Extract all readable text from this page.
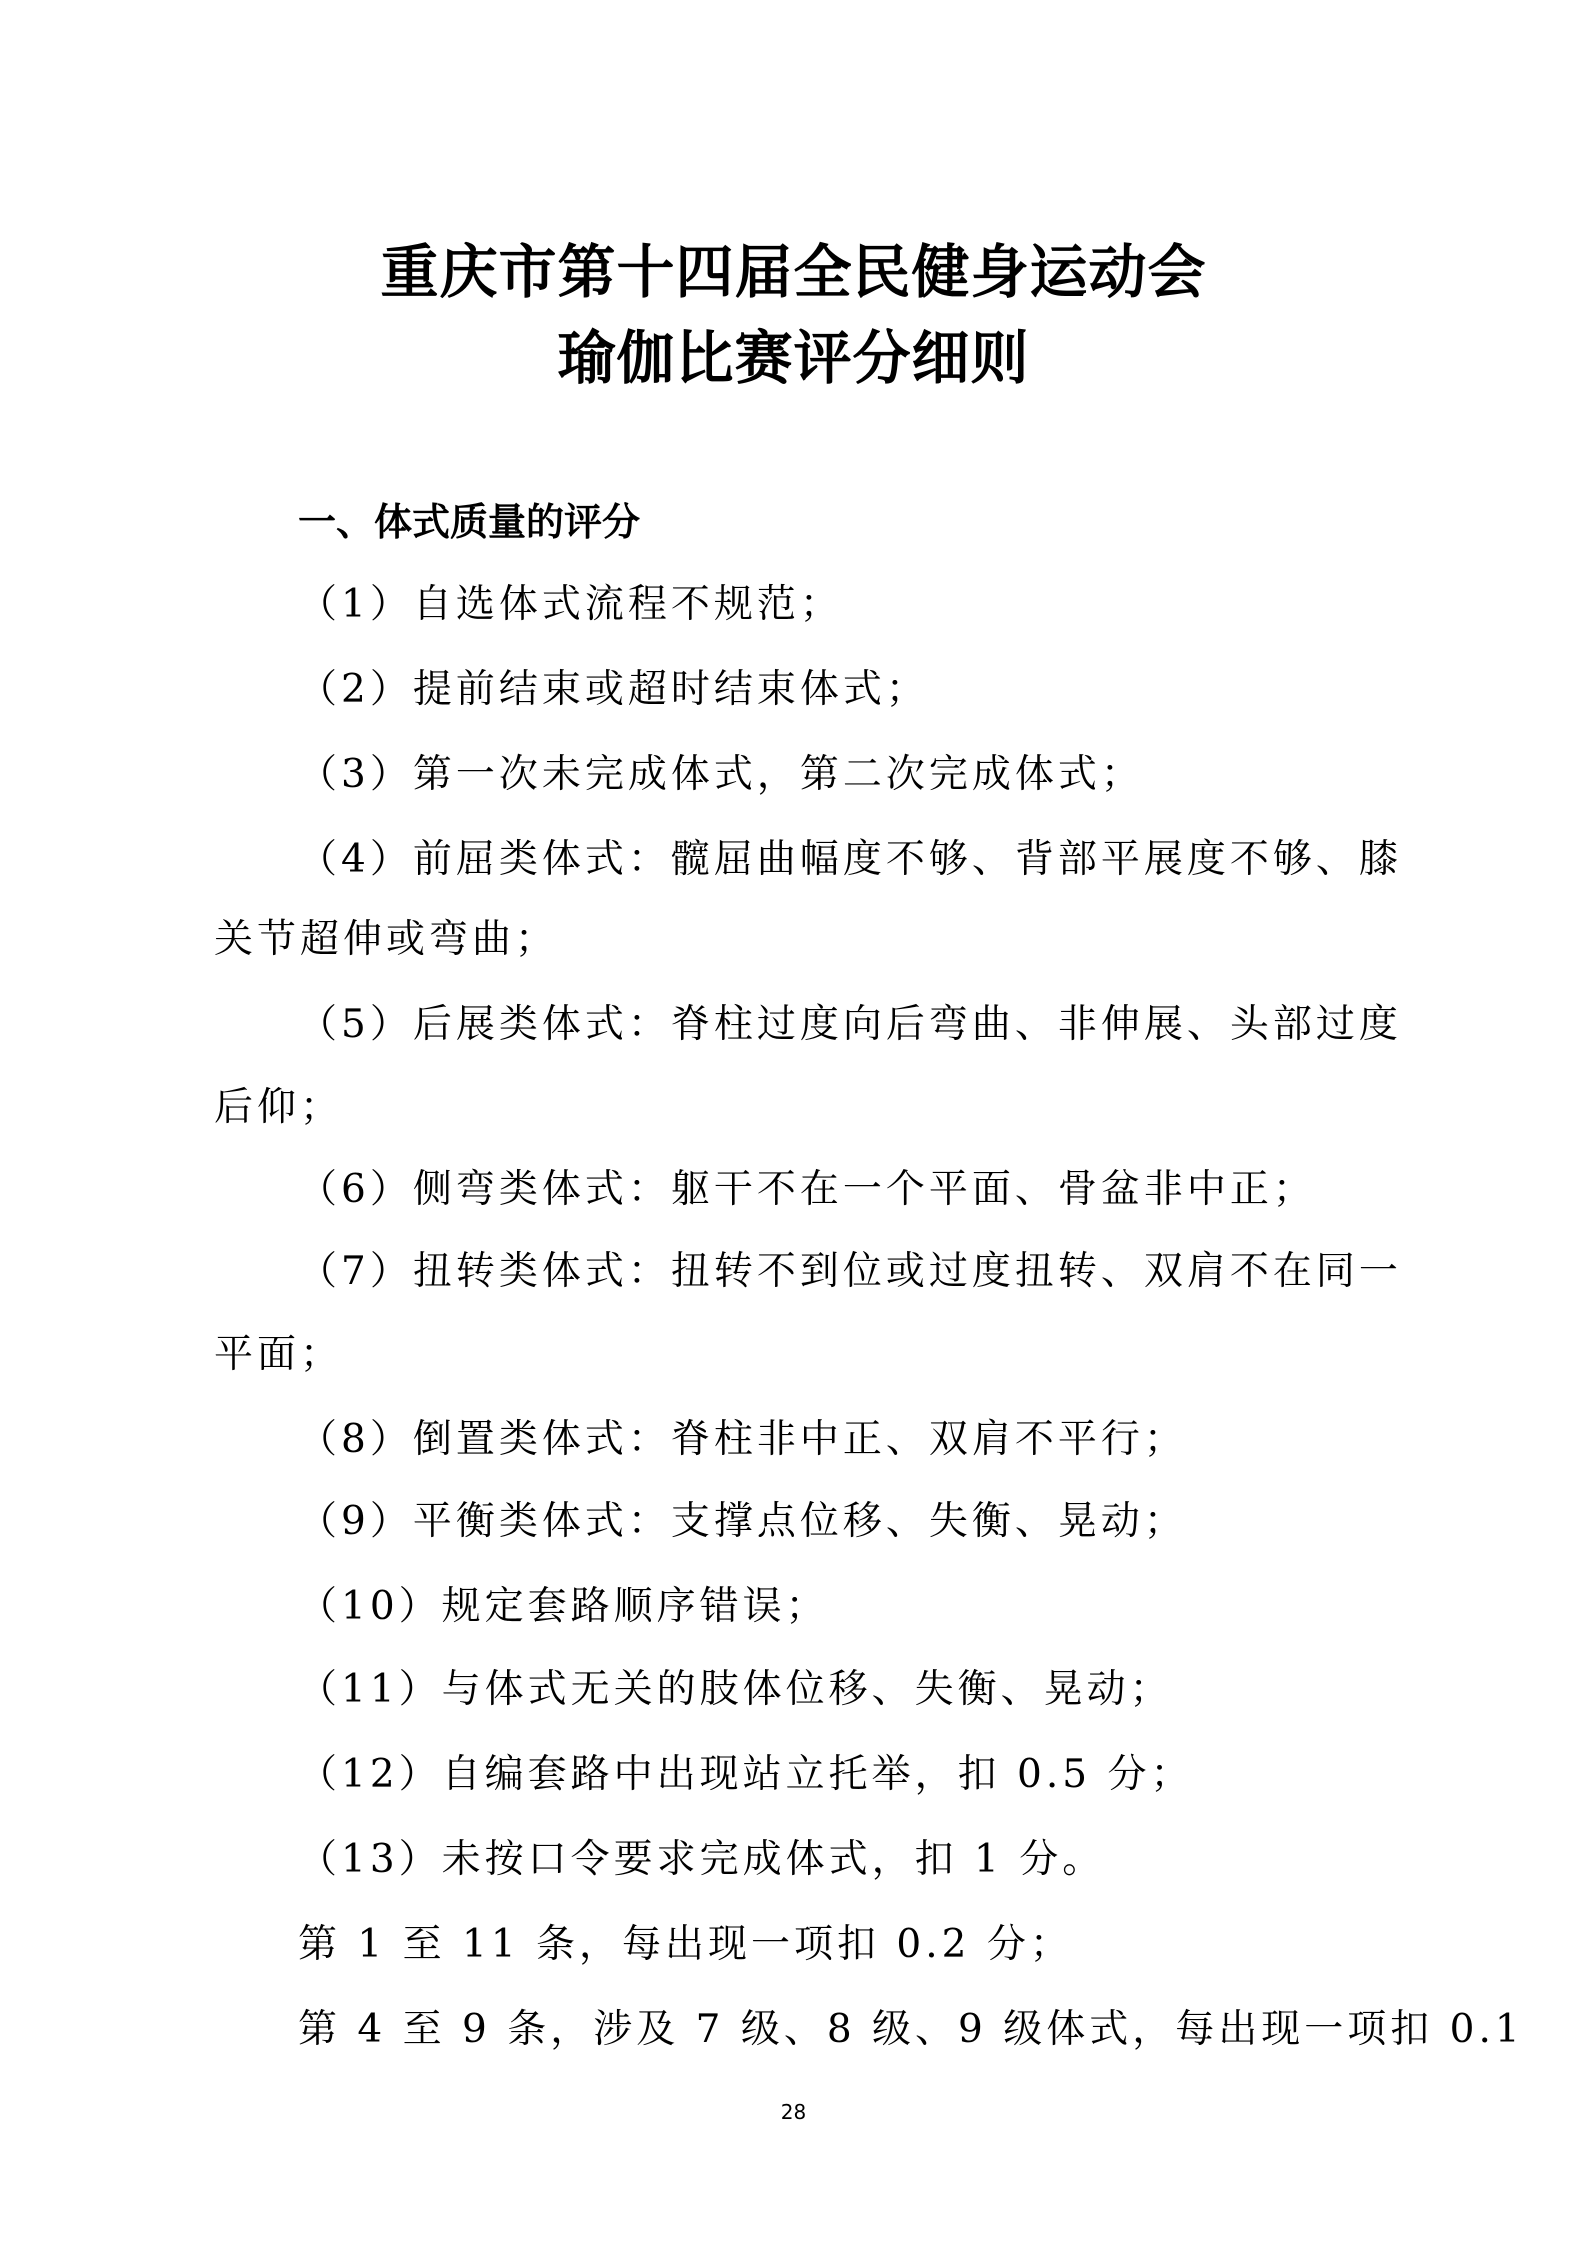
重庆市第十四届全民健身运动会
瑜伽比赛评分细则
一、体式质量的评分
（1）自选体式流程不规范；
（2）提前结束或超时结束体式；
（3）第一次未完成体式，第二次完成体式；
（4）前屈类体式：髋屈曲幅度不够、背部平展度不够、膝
关节超伸或弯曲；
（5）后展类体式：脊柱过度向后弯曲、非伸展、头部过度
后仰；
（6）侧弯类体式：躯干不在一个平面、骨盆非中正；
（7）扭转类体式：扭转不到位或过度扭转、双肩不在同一
平面；
（8）倒置类体式：脊柱非中正、双肩不平行；
（9）平衡类体式：支撑点位移、失衡、晃动；
（10）规定套路顺序错误；
（11）与体式无关的肢体位移、失衡、晃动；
（12）自编套路中出现站立托举，扣 0.5 分；
（13）未按口令要求完成体式，扣 1 分。
第 1 至 11 条，每出现一项扣 0.2 分；
第 4 至 9 条，涉及 7 级、8 级、9 级体式，每出现一项扣 0.1
28
